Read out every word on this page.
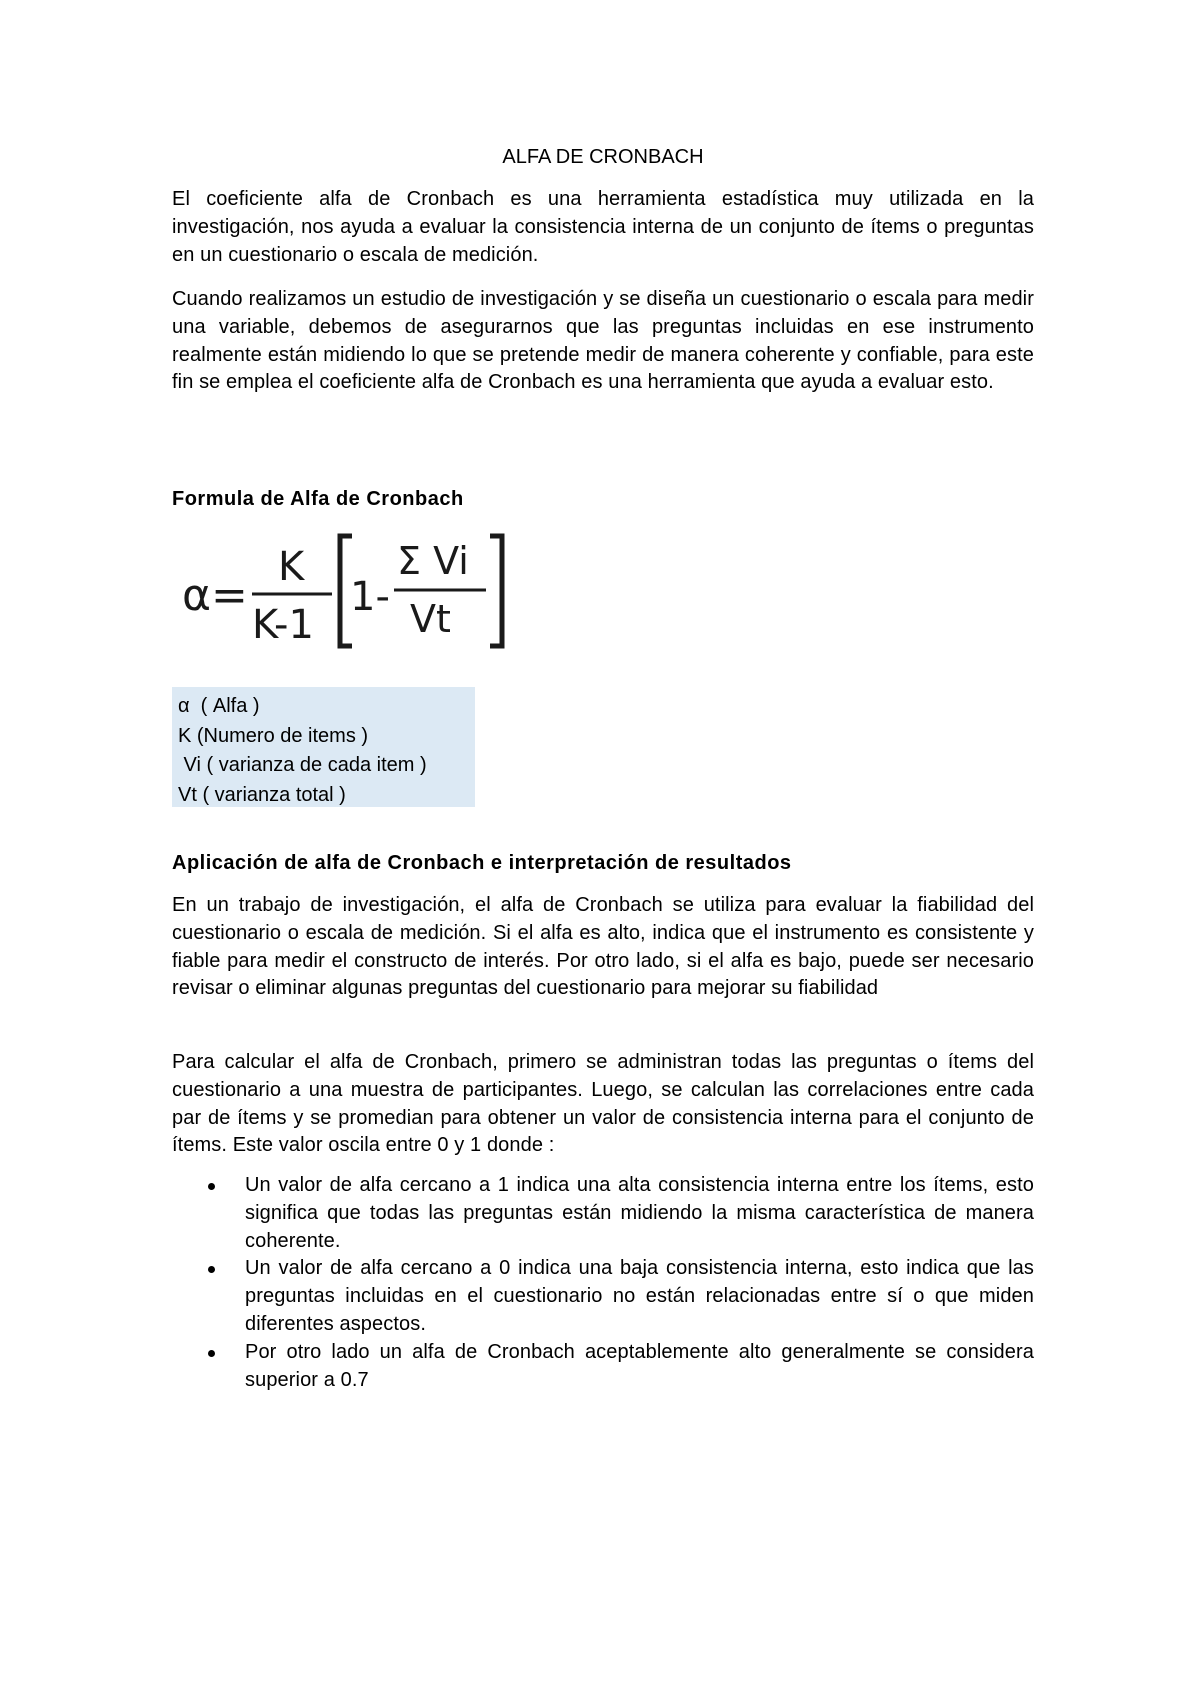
ALFA DE CRONBACH

El coeficiente alfa de Cronbach es una herramienta estadística muy utilizada en la investigación, nos ayuda a evaluar la consistencia interna de un conjunto de ítems o preguntas en un cuestionario o escala de medición.

Cuando realizamos un estudio de investigación y se diseña un cuestionario o escala para medir una variable, debemos de asegurarnos que las preguntas incluidas en ese instrumento realmente están midiendo lo que se pretende medir de manera coherente y confiable, para este fin se emplea el coeficiente alfa de Cronbach es una herramienta que ayuda a evaluar esto.

Formula de Alfa de Cronbach
α=
K
K-1
1-
Σ Vi
Vt
α  ( Alfa )
K (Numero de items )
Vi ( varianza de cada item )
Vt ( varianza total )
Aplicación de alfa de Cronbach e interpretación de resultados

En un trabajo de investigación, el alfa de Cronbach se utiliza para evaluar la fiabilidad del cuestionario o escala de medición. Si el alfa es alto, indica que el instrumento es consistente y fiable para medir el constructo de interés. Por otro lado, si el alfa es bajo, puede ser necesario revisar o eliminar algunas preguntas del cuestionario para mejorar su fiabilidad

Para calcular el alfa de Cronbach, primero se administran todas las preguntas o ítems del cuestionario a una muestra de participantes. Luego, se calculan las correlaciones entre cada par de ítems y se promedian para obtener un valor de consistencia interna para el conjunto de ítems. Este valor oscila entre 0 y 1 donde :

Un valor de alfa cercano a 1 indica una alta consistencia interna entre los ítems, esto significa que todas las preguntas están midiendo la misma característica de manera coherente.
Un valor de alfa cercano a 0 indica una baja consistencia interna, esto indica que las preguntas incluidas en el cuestionario no están relacionadas entre sí o que miden diferentes aspectos.
Por otro lado un alfa de Cronbach aceptablemente alto generalmente se considera superior a 0.7
